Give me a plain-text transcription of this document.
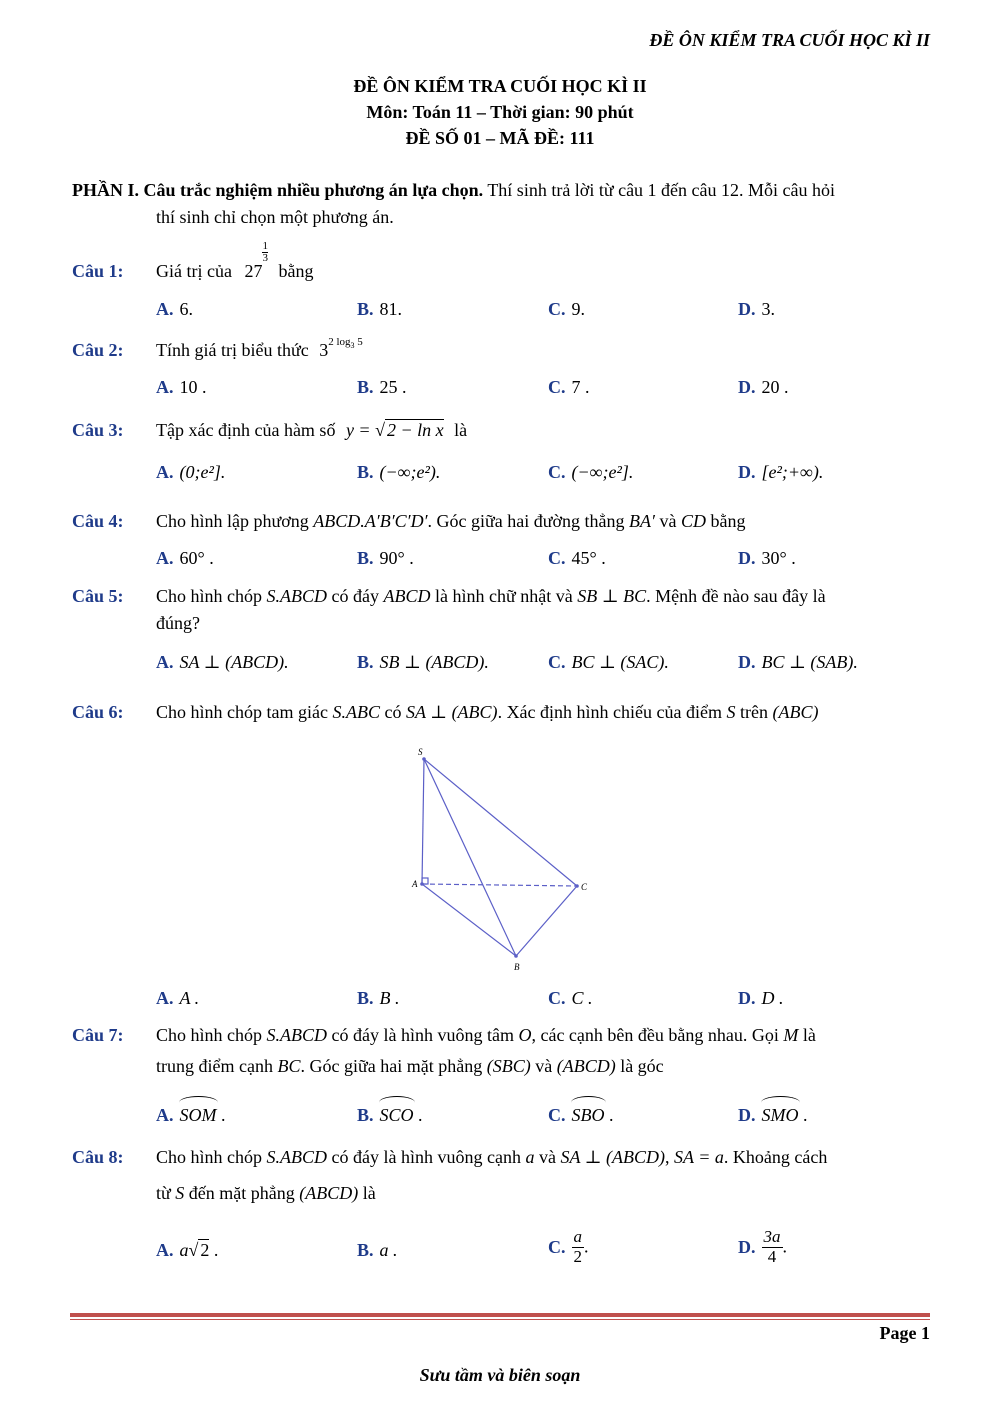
ĐỀ ÔN KIỂM TRA CUỐI HỌC KÌ II
ĐỀ ÔN KIỂM TRA CUỐI HỌC KÌ II
Môn: Toán 11 – Thời gian: 90 phút
ĐỀ SỐ 01 – MÃ ĐỀ: 111
PHẦN I. Câu trắc nghiệm nhiều phương án lựa chọn. Thí sinh trả lời từ câu 1 đến câu 12. Mỗi câu hỏi
thí sinh chỉ chọn một phương án.
Câu 1: Giá trị của 27
$\frac{1}{3}$
bằng
A. 6.	B. 81.	C. 9.	D. 3.
Câu 2: Tính giá trị biểu thức $3^{2 log_3 5}$
A. 10 .	B. 25 .	C. 7 .	D. 20 .
Câu 3: Tập xác định của hàm số y = √ 2 − ln x là
A. (0;e²].	B. (−∞;e²).	C. (−∞;e²].	D. [e²;+∞).
Câu 4: Cho hình lập phương ABCD.A′B′C′D′. Góc giữa hai đường thẳng BA′ và CD bằng
A. 60° .	B. 90° .	C. 45° .	D. 30° .
Câu 5: Cho hình chóp S.ABCD có đáy ABCD là hình chữ nhật và SB ⊥ BC. Mệnh đề nào sau đây là
đúng?
A. SA ⊥ (ABCD).	B. SB ⊥ (ABCD).	C. BC ⊥ (SAC).	D. BC ⊥ (SAB).
Câu 6: Cho hình chóp tam giác S.ABC có SA ⊥ (ABC). Xác định hình chiếu của điểm S trên (ABC)
S
A
B
C
A. A .	B. B .	C. C .	D. D .
Câu 7: Cho hình chóp S.ABCD có đáy là hình vuông tâm O, các cạnh bên đều bằng nhau. Gọi M là
trung điểm cạnh BC. Góc giữa hai mặt phẳng (SBC) và (ABCD) là góc
A. SOM .	B. SCO .	C. SBO .	D. SMO .
Câu 8: Cho hình chóp S.ABCD có đáy là hình vuông cạnh a và SA ⊥ (ABCD), SA = a. Khoảng cách
từ S đến mặt phẳng (ABCD) là
A. a√ 2 .	B. a .	C. $\frac{a}{2}$ .	D. $\frac{3a}{4}$ .
Page 1
Sưu tầm và biên soạn
